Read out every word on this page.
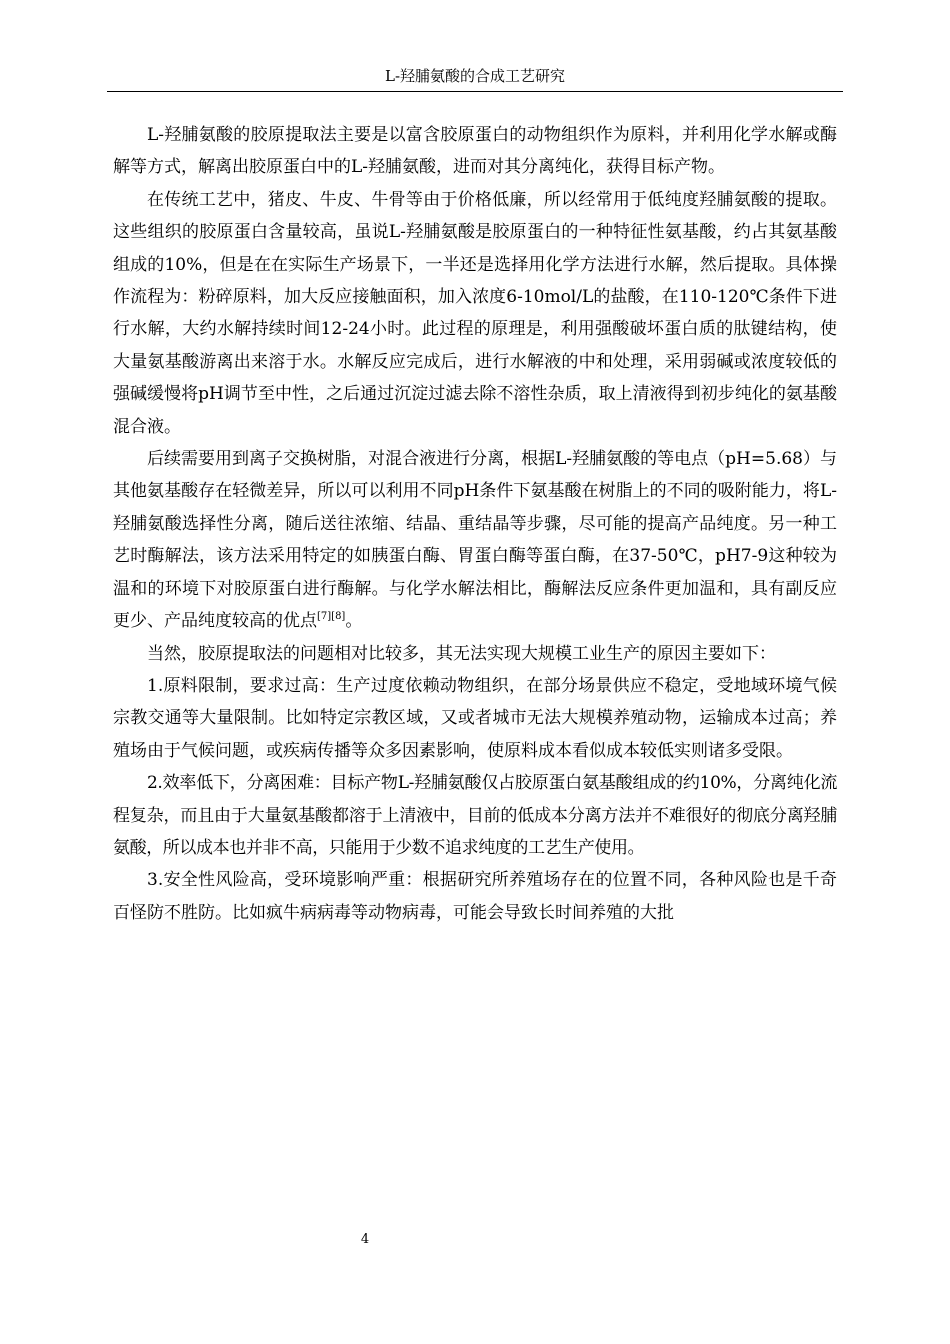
L-羟脯氨酸的合成工艺研究

L-羟脯氨酸的胶原提取法主要是以富含胶原蛋白的动物组织作为原料，并利用化学水解或酶解等方式，解离出胶原蛋白中的L-羟脯氨酸，进而对其分离纯化，获得目标产物。

在传统工艺中，猪皮、牛皮、牛骨等由于价格低廉，所以经常用于低纯度羟脯氨酸的提取。这些组织的胶原蛋白含量较高，虽说L-羟脯氨酸是胶原蛋白的一种特征性氨基酸，约占其氨基酸组成的10%，但是在在实际生产场景下，一半还是选择用化学方法进行水解，然后提取。具体操作流程为：粉碎原料，加大反应接触面积，加入浓度6-10mol/L的盐酸，在110-120℃条件下进行水解，大约水解持续时间12-24小时。此过程的原理是，利用强酸破坏蛋白质的肽键结构，使大量氨基酸游离出来溶于水。水解反应完成后，进行水解液的中和处理，采用弱碱或浓度较低的强碱缓慢将pH调节至中性，之后通过沉淀过滤去除不溶性杂质，取上清液得到初步纯化的氨基酸混合液。

后续需要用到离子交换树脂，对混合液进行分离，根据L-羟脯氨酸的等电点（pH=5.68）与其他氨基酸存在轻微差异，所以可以利用不同pH条件下氨基酸在树脂上的不同的吸附能力，将L-羟脯氨酸选择性分离，随后送往浓缩、结晶、重结晶等步骤，尽可能的提高产品纯度。另一种工艺时酶解法，该方法采用特定的如胰蛋白酶、胃蛋白酶等蛋白酶，在37-50℃，pH7-9这种较为温和的环境下对胶原蛋白进行酶解。与化学水解法相比，酶解法反应条件更加温和，具有副反应更少、产品纯度较高的优点[7][8]。

当然，胶原提取法的问题相对比较多，其无法实现大规模工业生产的原因主要如下：

1.原料限制，要求过高：生产过度依赖动物组织，在部分场景供应不稳定，受地域环境气候宗教交通等大量限制。比如特定宗教区域，又或者城市无法大规模养殖动物，运输成本过高；养殖场由于气候问题，或疾病传播等众多因素影响，使原料成本看似成本较低实则诸多受限。

2.效率低下，分离困难：目标产物L-羟脯氨酸仅占胶原蛋白氨基酸组成的约10%，分离纯化流程复杂，而且由于大量氨基酸都溶于上清液中，目前的低成本分离方法并不难很好的彻底分离羟脯氨酸，所以成本也并非不高，只能用于少数不追求纯度的工艺生产使用。

3.安全性风险高，受环境影响严重：根据研究所养殖场存在的位置不同，各种风险也是千奇百怪防不胜防。比如疯牛病病毒等动物病毒，可能会导致长时间养殖的大批

4
